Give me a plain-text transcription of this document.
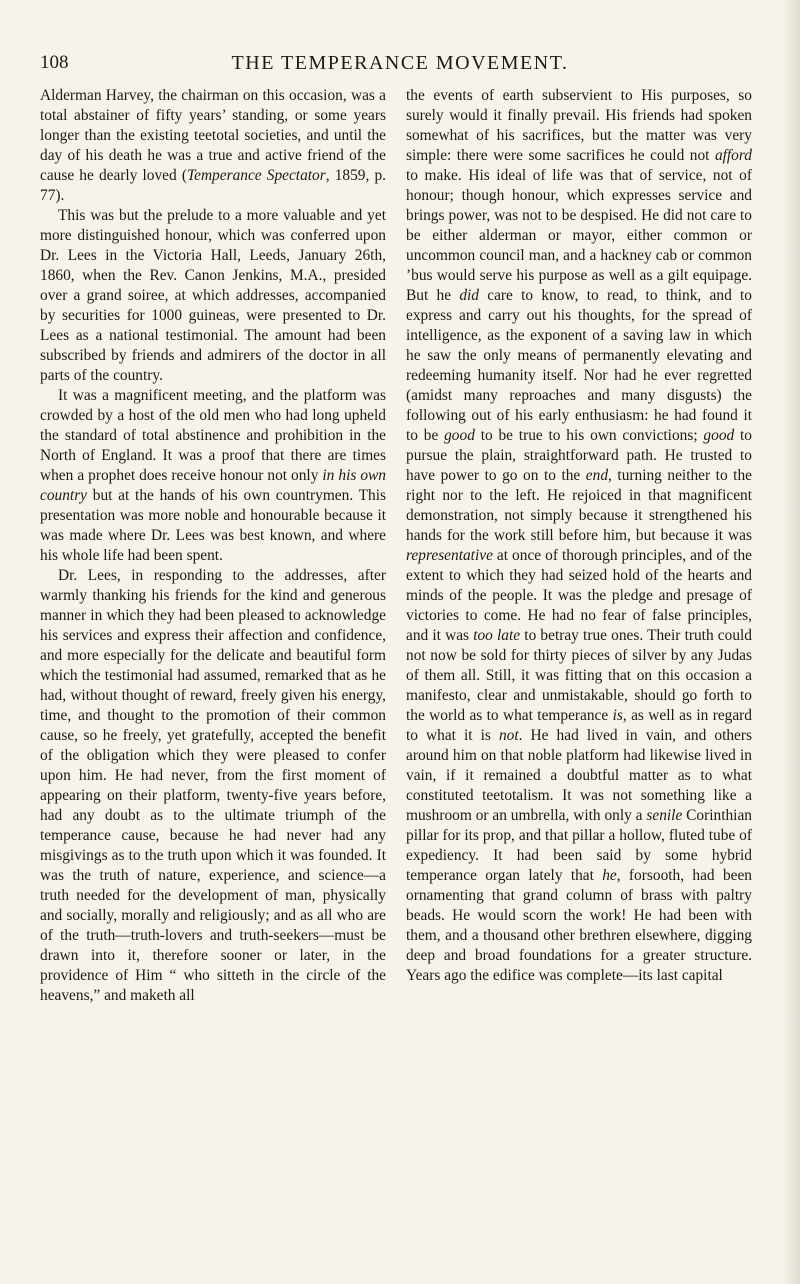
108	THE TEMPERANCE MOVEMENT.

Alderman Harvey, the chairman on this occasion, was a total abstainer of fifty years’ standing, or some years longer than the existing teetotal societies, and until the day of his death he was a true and active friend of the cause he dearly loved (Temperance Spectator, 1859, p. 77).

This was but the prelude to a more valuable and yet more distinguished honour, which was conferred upon Dr. Lees in the Victoria Hall, Leeds, January 26th, 1860, when the Rev. Canon Jenkins, M.A., presided over a grand soiree, at which addresses, accompanied by securities for 1000 guineas, were presented to Dr. Lees as a national testimonial. The amount had been subscribed by friends and admirers of the doctor in all parts of the country.

It was a magnificent meeting, and the platform was crowded by a host of the old men who had long upheld the standard of total abstinence and prohibition in the North of England. It was a proof that there are times when a prophet does receive honour not only in his own country but at the hands of his own countrymen. This presentation was more noble and honourable because it was made where Dr. Lees was best known, and where his whole life had been spent.

Dr. Lees, in responding to the addresses, after warmly thanking his friends for the kind and generous manner in which they had been pleased to acknowledge his services and express their affection and confidence, and more especially for the delicate and beautiful form which the testimonial had assumed, remarked that as he had, without thought of reward, freely given his energy, time, and thought to the promotion of their common cause, so he freely, yet gratefully, accepted the benefit of the obligation which they were pleased to confer upon him. He had never, from the first moment of appearing on their platform, twenty-five years before, had any doubt as to the ultimate triumph of the temperance cause, because he had never had any misgivings as to the truth upon which it was founded. It was the truth of nature, experience, and science—a truth needed for the development of man, physically and socially, morally and religiously; and as all who are of the truth—truth-lovers and truth-seekers—must be drawn into it, therefore sooner or later, in the providence of Him “ who sitteth in the circle of the heavens,” and maketh all

the events of earth subservient to His purposes, so surely would it finally prevail. His friends had spoken somewhat of his sacrifices, but the matter was very simple: there were some sacrifices he could not afford to make. His ideal of life was that of service, not of honour; though honour, which expresses service and brings power, was not to be despised. He did not care to be either alderman or mayor, either common or uncommon council man, and a hackney cab or common ’bus would serve his purpose as well as a gilt equipage. But he did care to know, to read, to think, and to express and carry out his thoughts, for the spread of intelligence, as the exponent of a saving law in which he saw the only means of permanently elevating and redeeming humanity itself. Nor had he ever regretted (amidst many reproaches and many disgusts) the following out of his early enthusiasm: he had found it to be good to be true to his own convictions; good to pursue the plain, straightforward path. He trusted to have power to go on to the end, turning neither to the right nor to the left. He rejoiced in that magnificent demonstration, not simply because it strengthened his hands for the work still before him, but because it was representative at once of thorough principles, and of the extent to which they had seized hold of the hearts and minds of the people. It was the pledge and presage of victories to come. He had no fear of false principles, and it was too late to betray true ones. Their truth could not now be sold for thirty pieces of silver by any Judas of them all. Still, it was fitting that on this occasion a manifesto, clear and unmistakable, should go forth to the world as to what temperance is, as well as in regard to what it is not. He had lived in vain, and others around him on that noble platform had likewise lived in vain, if it remained a doubtful matter as to what constituted teetotalism. It was not something like a mushroom or an umbrella, with only a senile Corinthian pillar for its prop, and that pillar a hollow, fluted tube of expediency. It had been said by some hybrid temperance organ lately that he, forsooth, had been ornamenting that grand column of brass with paltry beads. He would scorn the work! He had been with them, and a thousand other brethren elsewhere, digging deep and broad foundations for a greater structure. Years ago the edifice was complete—its last capital
